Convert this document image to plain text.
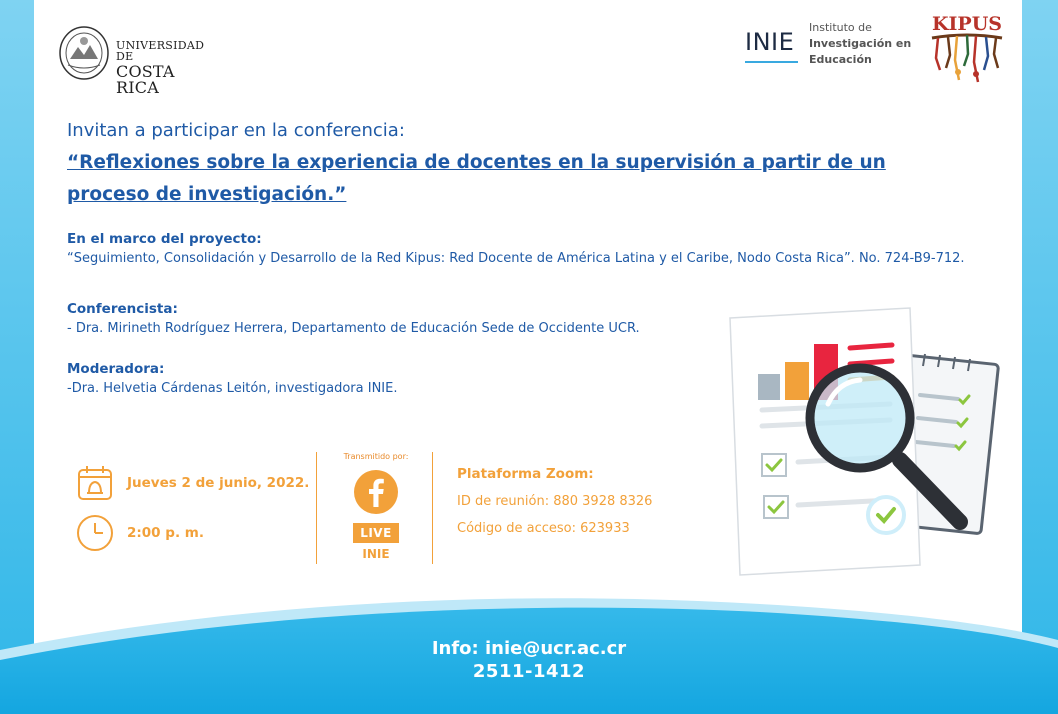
UNIVERSIDAD DE
COSTA RICA
INIE
Instituto de
Investigación en
Educación
KIPUS
Invitan a participar en la conferencia:
“Reflexiones sobre la experiencia de docentes en la supervisión a partir de un proceso de investigación.”
En el marco del proyecto:
“Seguimiento, Consolidación y Desarrollo de la Red Kipus: Red Docente de América Latina y el Caribe, Nodo Costa Rica”. No. 724-B9-712.
Conferencista:
- Dra. Mirineth Rodríguez Herrera, Departamento de Educación Sede de Occidente UCR.
Moderadora:
-Dra. Helvetia Cárdenas Leitón, investigadora INIE.
Jueves 2 de junio, 2022.
2:00 p. m.
Transmitido por:
LIVE
INIE
Plataforma Zoom:
ID de reunión: 880 3928 8326
Código de acceso: 623933
Info: inie@ucr.ac.cr
2511-1412
